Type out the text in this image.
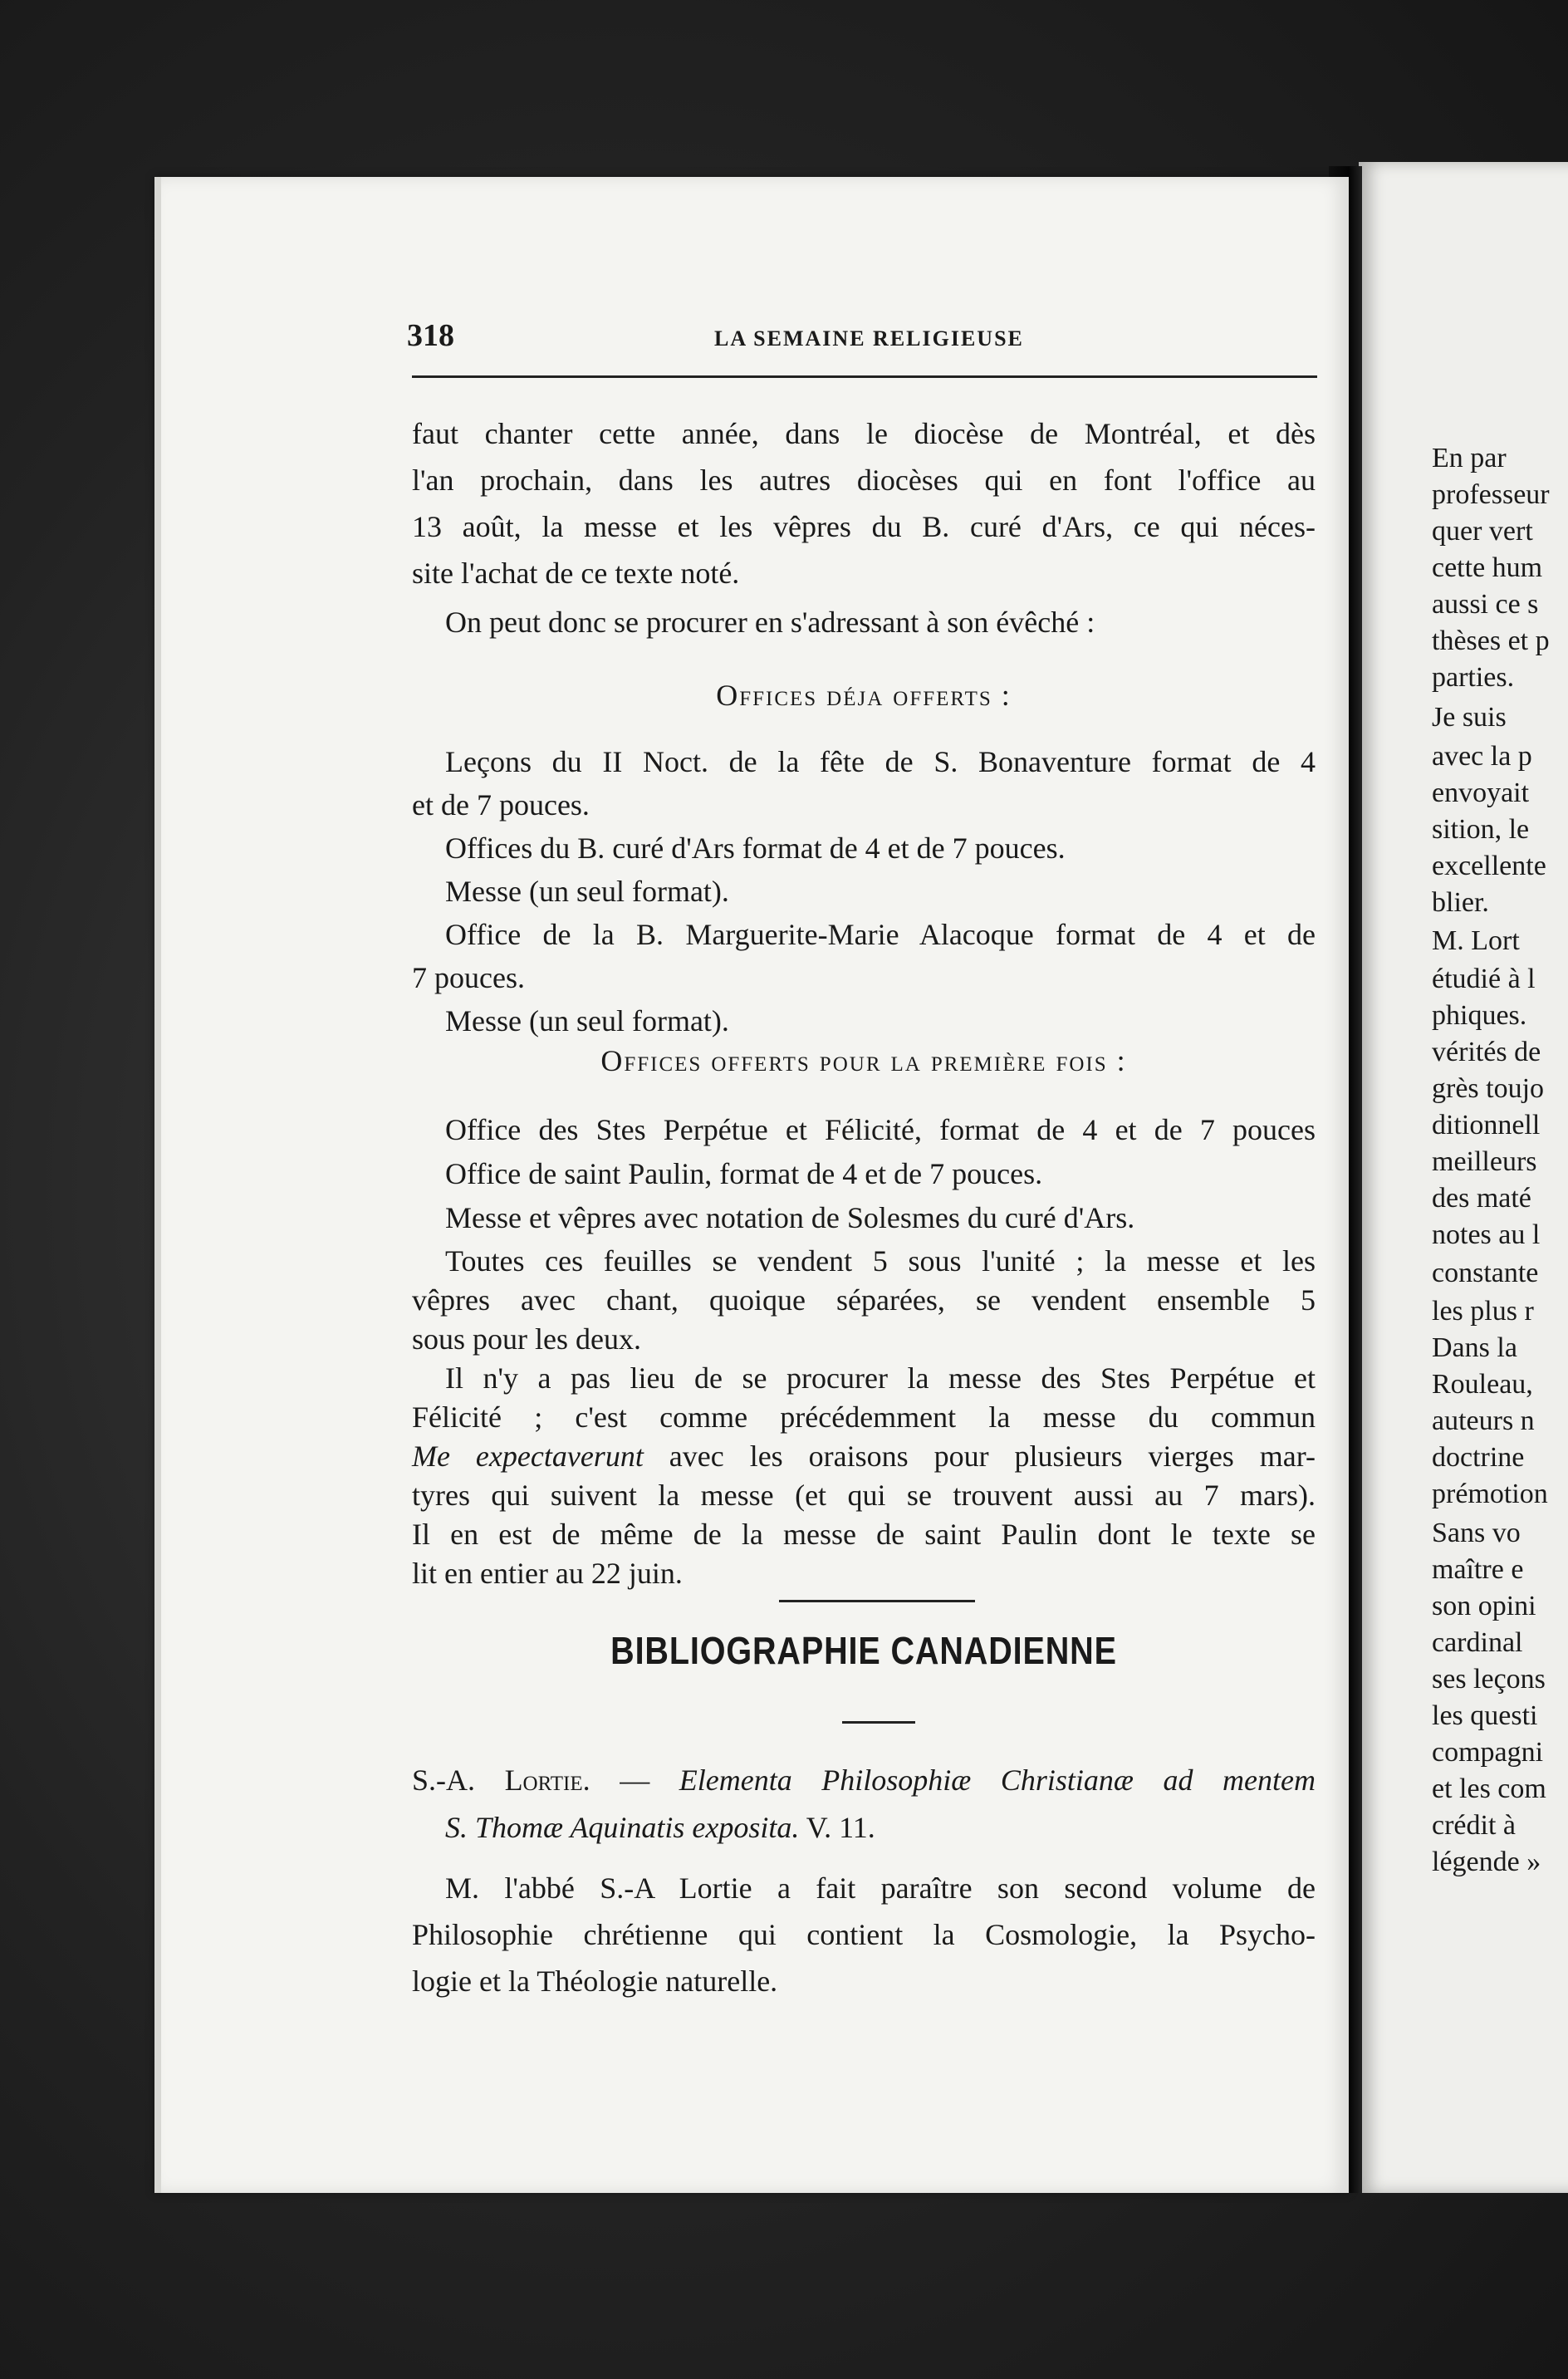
318	LA SEMAINE RELIGIEUSE
faut chanter cette année, dans le diocèse de Montréal, et dès
l'an prochain, dans les autres diocèses qui en font l'office au
13 août, la messe et les vêpres du B. curé d'Ars, ce qui néces-
site l'achat de ce texte noté.
On peut donc se procurer en s'adressant à son évêché :
Offices déja offerts :
Leçons du II Noct. de la fête de S. Bonaventure format de 4
et de 7 pouces.
Offices du B. curé d'Ars format de 4 et de 7 pouces.
Messe (un seul format).
Office de la B. Marguerite-Marie Alacoque format de 4 et de
7 pouces.
Messe (un seul format).
Offices offerts pour la première fois :
Office des Stes Perpétue et Félicité, format de 4 et de 7 pouces
Office de saint Paulin, format de 4 et de 7 pouces.
Messe et vêpres avec notation de Solesmes du curé d'Ars.
Toutes ces feuilles se vendent 5 sous l'unité ; la messe et les
vêpres avec chant, quoique séparées, se vendent ensemble 5
sous pour les deux.
Il n'y a pas lieu de se procurer la messe des Stes Perpétue et
Félicité ; c'est comme précédemment la messe du commun
Me expectaverunt avec les oraisons pour plusieurs vierges mar-
tyres qui suivent la messe (et qui se trouvent aussi au 7 mars).
Il en est de même de la messe de saint Paulin dont le texte se
lit en entier au 22 juin.
BIBLIOGRAPHIE CANADIENNE
S.-A. Lortie. — Elementa Philosophiæ Christianæ ad mentem
S. Thomæ Aquinatis exposita. V. 11.
M. l'abbé S.-A Lortie a fait paraître son second volume de
Philosophie chrétienne qui contient la Cosmologie, la Psycho-
logie et la Théologie naturelle.
En par
professeur
quer vert
cette hum
aussi ce s
thèses et p
parties.
Je suis
avec la p
envoyait
sition, le
excellente
blier.
M. Lort
étudié à l
phiques.
vérités de
grès toujo
ditionnell
meilleurs
des maté
notes au l
constante
les plus r
Dans la
Rouleau,
auteurs n
doctrine
prémotion
Sans vo
maître e
son opini
cardinal
ses leçons
les questi
compagni
et les com
crédit à
légende »
